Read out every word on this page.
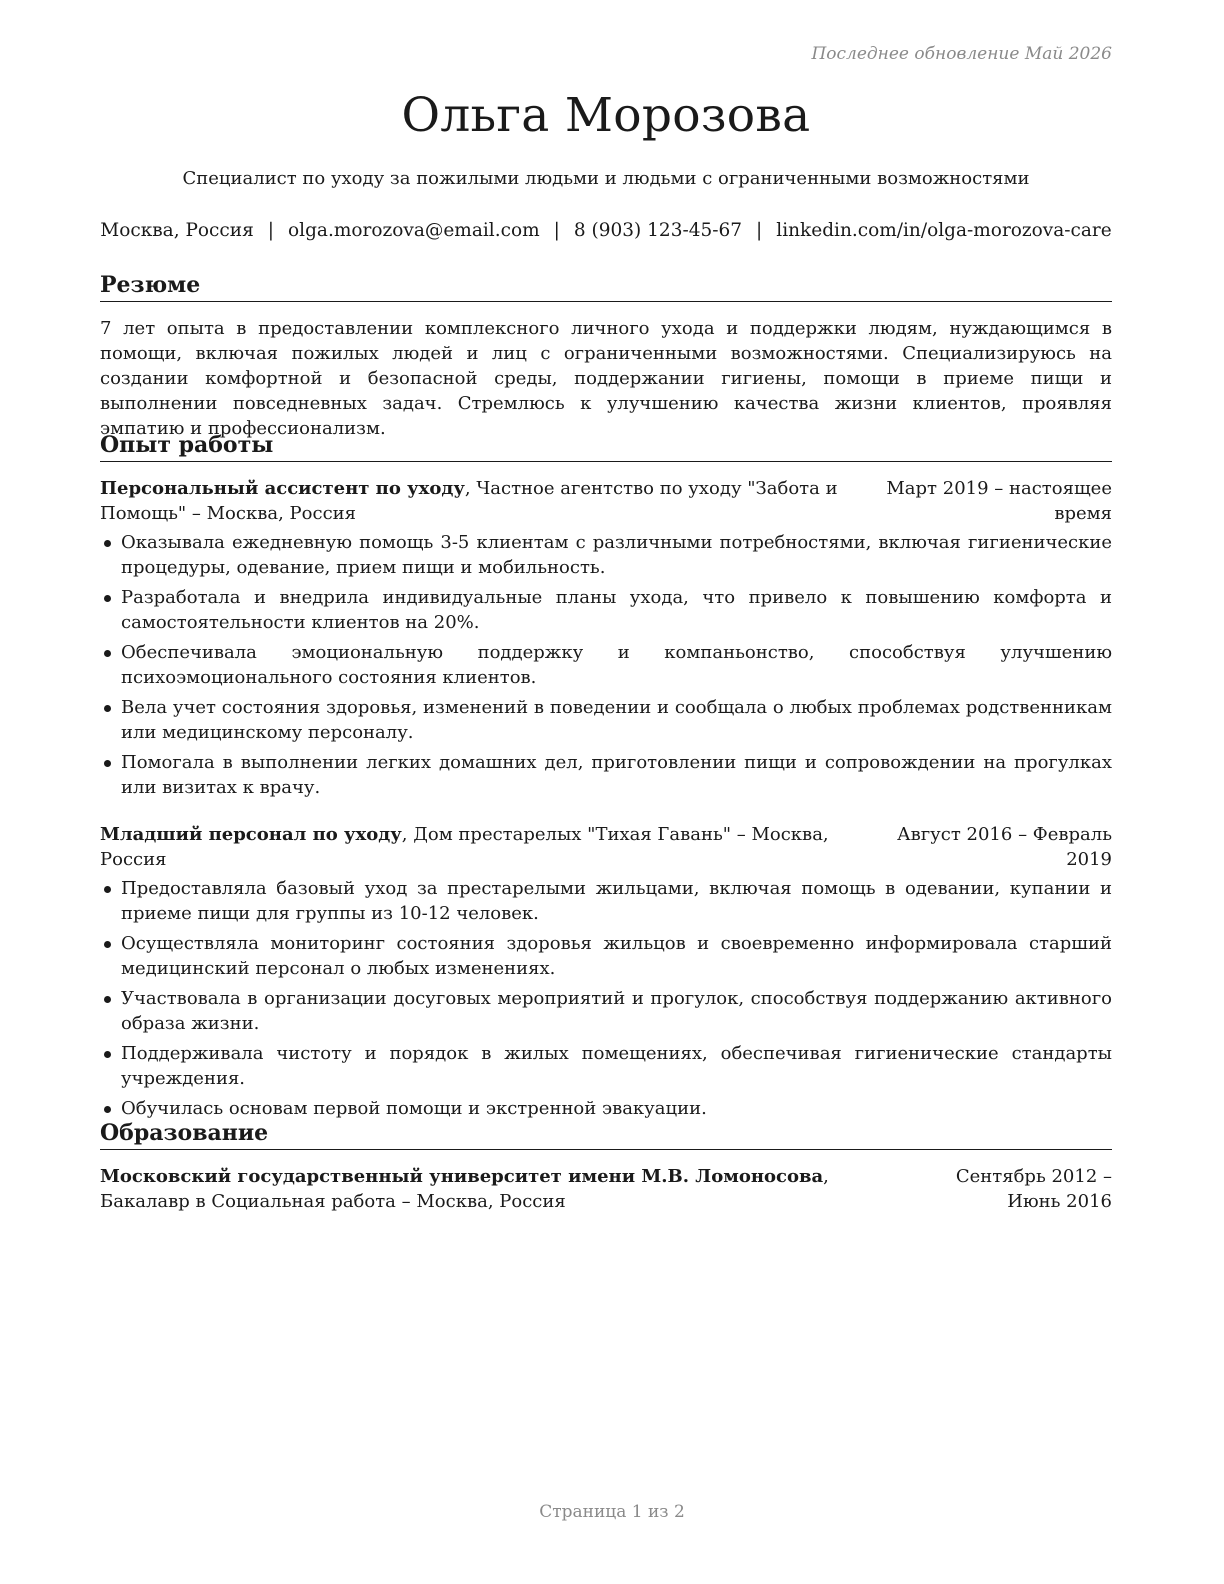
Последнее обновление Май 2026
Ольга Морозова
Специалист по уходу за пожилыми людьми и людьми с ограниченными возможностями
Москва, Россия | olga.morozova@email.com | 8 (903) 123-45-67 | linkedin.com/in/olga-morozova-care
Резюме
7 лет опыта в предоставлении комплексного личного ухода и поддержки людям, нуждающимся в помощи, включая пожилых людей и лиц с ограниченными возможностями. Специализируюсь на создании комфортной и безопасной среды, поддержании гигиены, помощи в приеме пищи и выполнении повседневных задач. Стремлюсь к улучшению качества жизни клиентов, проявляя эмпатию и профессионализм.
Опыт работы
Персональный ассистент по уходу, Частное агентство по уходу "Забота и Помощь" – Москва, Россия
Март 2019 – настоящее время
Оказывала ежедневную помощь 3-5 клиентам с различными потребностями, включая гигиенические процедуры, одевание, прием пищи и мобильность.
Разработала и внедрила индивидуальные планы ухода, что привело к повышению комфорта и самостоятельности клиентов на 20%.
Обеспечивала эмоциональную поддержку и компаньонство, способствуя улучшению психоэмоционального состояния клиентов.
Вела учет состояния здоровья, изменений в поведении и сообщала о любых проблемах родственникам или медицинскому персоналу.
Помогала в выполнении легких домашних дел, приготовлении пищи и сопровождении на прогулках или визитах к врачу.
Младший персонал по уходу, Дом престарелых "Тихая Гавань" – Москва, Россия
Август 2016 – Февраль 2019
Предоставляла базовый уход за престарелыми жильцами, включая помощь в одевании, купании и приеме пищи для группы из 10-12 человек.
Осуществляла мониторинг состояния здоровья жильцов и своевременно информировала старший медицинский персонал о любых изменениях.
Участвовала в организации досуговых мероприятий и прогулок, способствуя поддержанию активного образа жизни.
Поддерживала чистоту и порядок в жилых помещениях, обеспечивая гигиенические стандарты учреждения.
Обучилась основам первой помощи и экстренной эвакуации.
Образование
Московский государственный университет имени М.В. Ломоносова, Бакалавр в Социальная работа – Москва, Россия
Сентябрь 2012 – Июнь 2016
Страница 1 из 2
